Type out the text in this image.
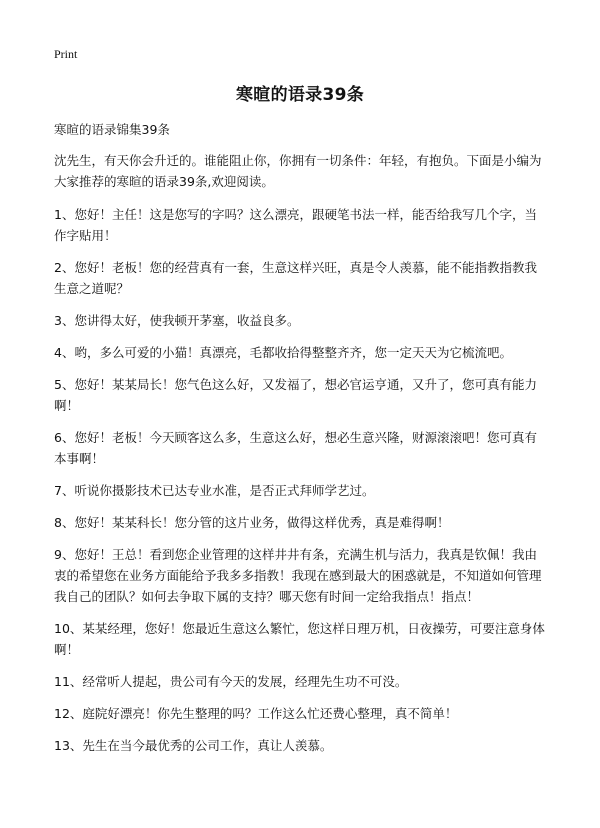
Print
寒暄的语录39条

寒暄的语录锦集39条

沈先生，有天你会升迁的。谁能阻止你，你拥有一切条件：年轻，有抱负。下面是小编为大家推荐的寒暄的语录39条,欢迎阅读。

1、您好！主任！这是您写的字吗？这么漂亮，跟硬笔书法一样，能否给我写几个字，当作字贴用！

2、您好！老板！您的经营真有一套，生意这样兴旺，真是令人羡慕，能不能指教指教我生意之道呢？

3、您讲得太好，使我顿开茅塞，收益良多。

4、哟，多么可爱的小猫！真漂亮，毛都收拾得整整齐齐，您一定天天为它梳流吧。

5、您好！某某局长！您气色这么好，又发福了，想必官运亨通，又升了，您可真有能力啊！

6、您好！老板！今天顾客这么多，生意这么好，想必生意兴隆，财源滚滚吧！您可真有本事啊！

7、听说你摄影技术已达专业水准，是否正式拜师学艺过。

8、您好！某某科长！您分管的这片业务，做得这样优秀，真是难得啊！

9、您好！王总！看到您企业管理的这样井井有条，充满生机与活力，我真是钦佩！我由衷的希望您在业务方面能给予我多多指教！我现在感到最大的困惑就是，不知道如何管理我自己的团队？如何去争取下属的支持？哪天您有时间一定给我指点！指点！

10、某某经理，您好！您最近生意这么繁忙，您这样日理万机，日夜操劳，可要注意身体啊！

11、经常听人提起，贵公司有今天的发展，经理先生功不可没。

12、庭院好漂亮！你先生整理的吗？工作这么忙还费心整理，真不简单！

13、先生在当今最优秀的公司工作，真让人羡慕。
